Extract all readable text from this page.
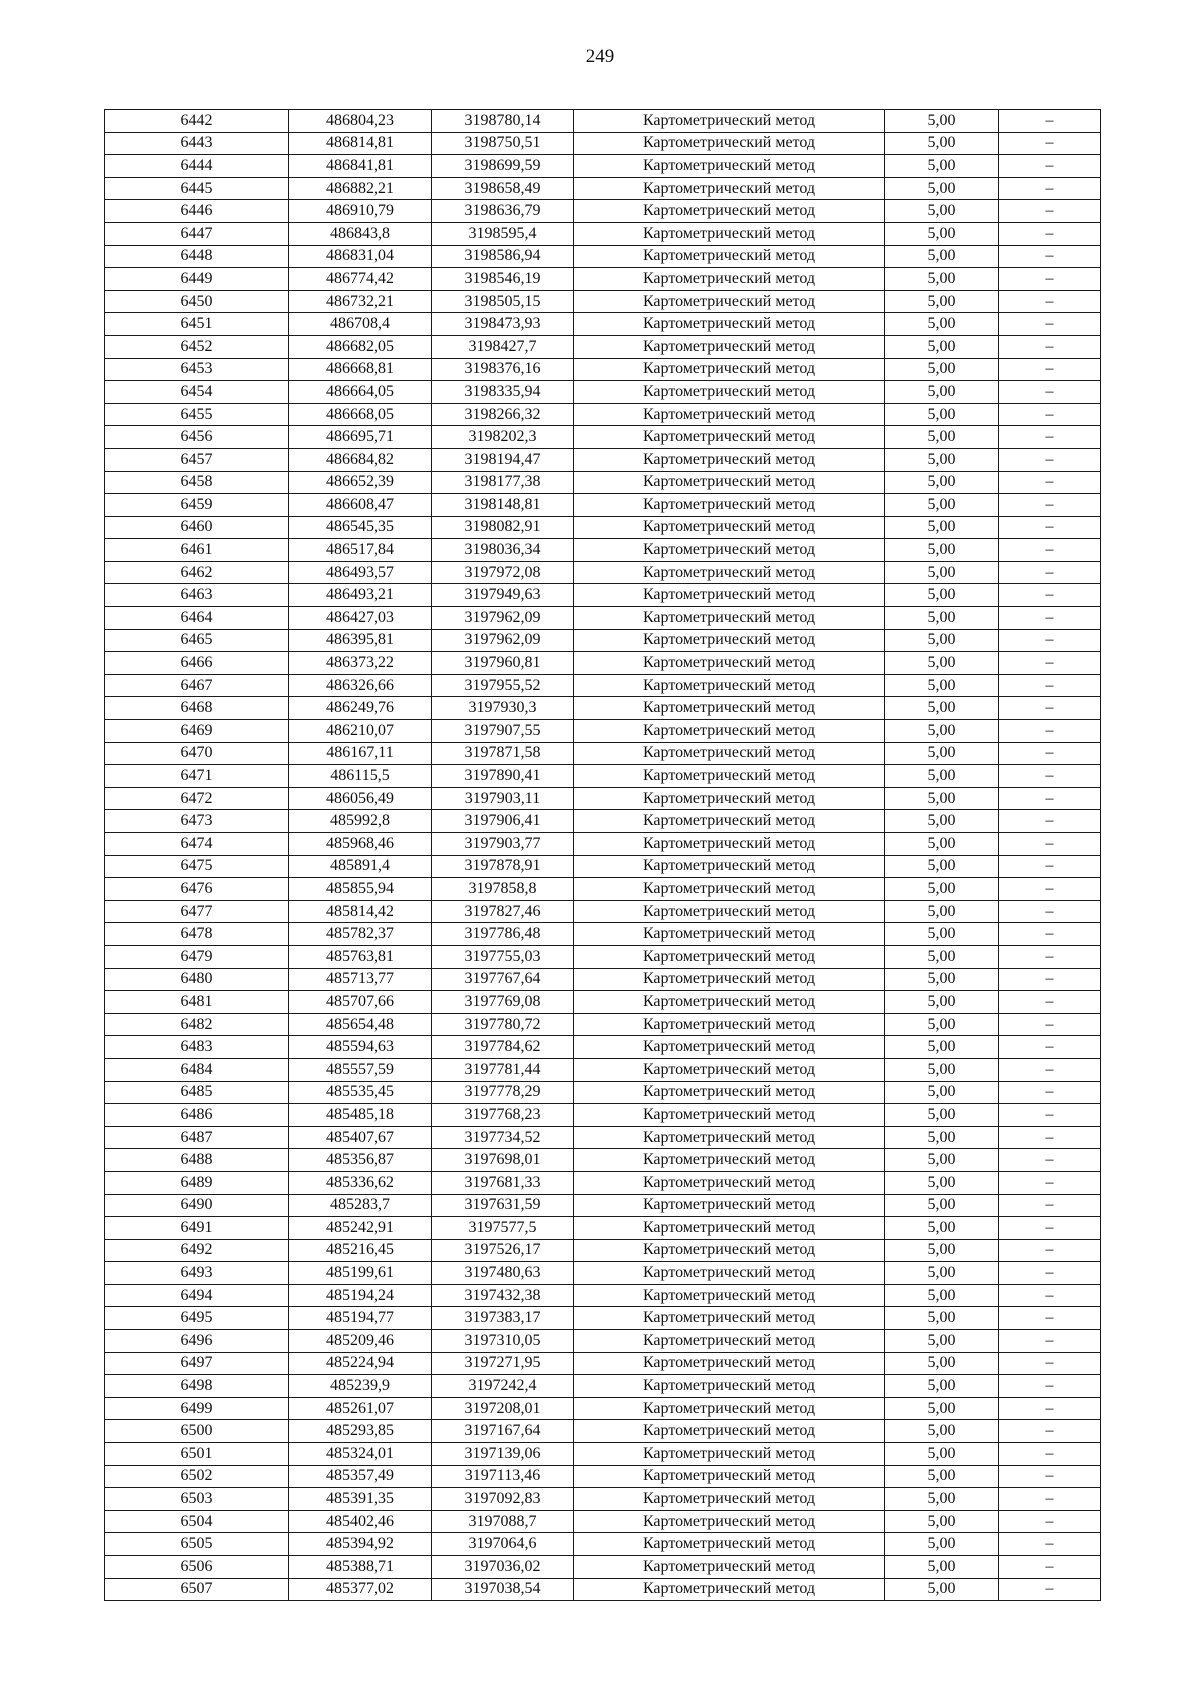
249
6442	486804,23	3198780,14	Картометрический метод	5,00	–
6443	486814,81	3198750,51	Картометрический метод	5,00	–
6444	486841,81	3198699,59	Картометрический метод	5,00	–
6445	486882,21	3198658,49	Картометрический метод	5,00	–
6446	486910,79	3198636,79	Картометрический метод	5,00	–
6447	486843,8	3198595,4	Картометрический метод	5,00	–
6448	486831,04	3198586,94	Картометрический метод	5,00	–
6449	486774,42	3198546,19	Картометрический метод	5,00	–
6450	486732,21	3198505,15	Картометрический метод	5,00	–
6451	486708,4	3198473,93	Картометрический метод	5,00	–
6452	486682,05	3198427,7	Картометрический метод	5,00	–
6453	486668,81	3198376,16	Картометрический метод	5,00	–
6454	486664,05	3198335,94	Картометрический метод	5,00	–
6455	486668,05	3198266,32	Картометрический метод	5,00	–
6456	486695,71	3198202,3	Картометрический метод	5,00	–
6457	486684,82	3198194,47	Картометрический метод	5,00	–
6458	486652,39	3198177,38	Картометрический метод	5,00	–
6459	486608,47	3198148,81	Картометрический метод	5,00	–
6460	486545,35	3198082,91	Картометрический метод	5,00	–
6461	486517,84	3198036,34	Картометрический метод	5,00	–
6462	486493,57	3197972,08	Картометрический метод	5,00	–
6463	486493,21	3197949,63	Картометрический метод	5,00	–
6464	486427,03	3197962,09	Картометрический метод	5,00	–
6465	486395,81	3197962,09	Картометрический метод	5,00	–
6466	486373,22	3197960,81	Картометрический метод	5,00	–
6467	486326,66	3197955,52	Картометрический метод	5,00	–
6468	486249,76	3197930,3	Картометрический метод	5,00	–
6469	486210,07	3197907,55	Картометрический метод	5,00	–
6470	486167,11	3197871,58	Картометрический метод	5,00	–
6471	486115,5	3197890,41	Картометрический метод	5,00	–
6472	486056,49	3197903,11	Картометрический метод	5,00	–
6473	485992,8	3197906,41	Картометрический метод	5,00	–
6474	485968,46	3197903,77	Картометрический метод	5,00	–
6475	485891,4	3197878,91	Картометрический метод	5,00	–
6476	485855,94	3197858,8	Картометрический метод	5,00	–
6477	485814,42	3197827,46	Картометрический метод	5,00	–
6478	485782,37	3197786,48	Картометрический метод	5,00	–
6479	485763,81	3197755,03	Картометрический метод	5,00	–
6480	485713,77	3197767,64	Картометрический метод	5,00	–
6481	485707,66	3197769,08	Картометрический метод	5,00	–
6482	485654,48	3197780,72	Картометрический метод	5,00	–
6483	485594,63	3197784,62	Картометрический метод	5,00	–
6484	485557,59	3197781,44	Картометрический метод	5,00	–
6485	485535,45	3197778,29	Картометрический метод	5,00	–
6486	485485,18	3197768,23	Картометрический метод	5,00	–
6487	485407,67	3197734,52	Картометрический метод	5,00	–
6488	485356,87	3197698,01	Картометрический метод	5,00	–
6489	485336,62	3197681,33	Картометрический метод	5,00	–
6490	485283,7	3197631,59	Картометрический метод	5,00	–
6491	485242,91	3197577,5	Картометрический метод	5,00	–
6492	485216,45	3197526,17	Картометрический метод	5,00	–
6493	485199,61	3197480,63	Картометрический метод	5,00	–
6494	485194,24	3197432,38	Картометрический метод	5,00	–
6495	485194,77	3197383,17	Картометрический метод	5,00	–
6496	485209,46	3197310,05	Картометрический метод	5,00	–
6497	485224,94	3197271,95	Картометрический метод	5,00	–
6498	485239,9	3197242,4	Картометрический метод	5,00	–
6499	485261,07	3197208,01	Картометрический метод	5,00	–
6500	485293,85	3197167,64	Картометрический метод	5,00	–
6501	485324,01	3197139,06	Картометрический метод	5,00	–
6502	485357,49	3197113,46	Картометрический метод	5,00	–
6503	485391,35	3197092,83	Картометрический метод	5,00	–
6504	485402,46	3197088,7	Картометрический метод	5,00	–
6505	485394,92	3197064,6	Картометрический метод	5,00	–
6506	485388,71	3197036,02	Картометрический метод	5,00	–
6507	485377,02	3197038,54	Картометрический метод	5,00	–
